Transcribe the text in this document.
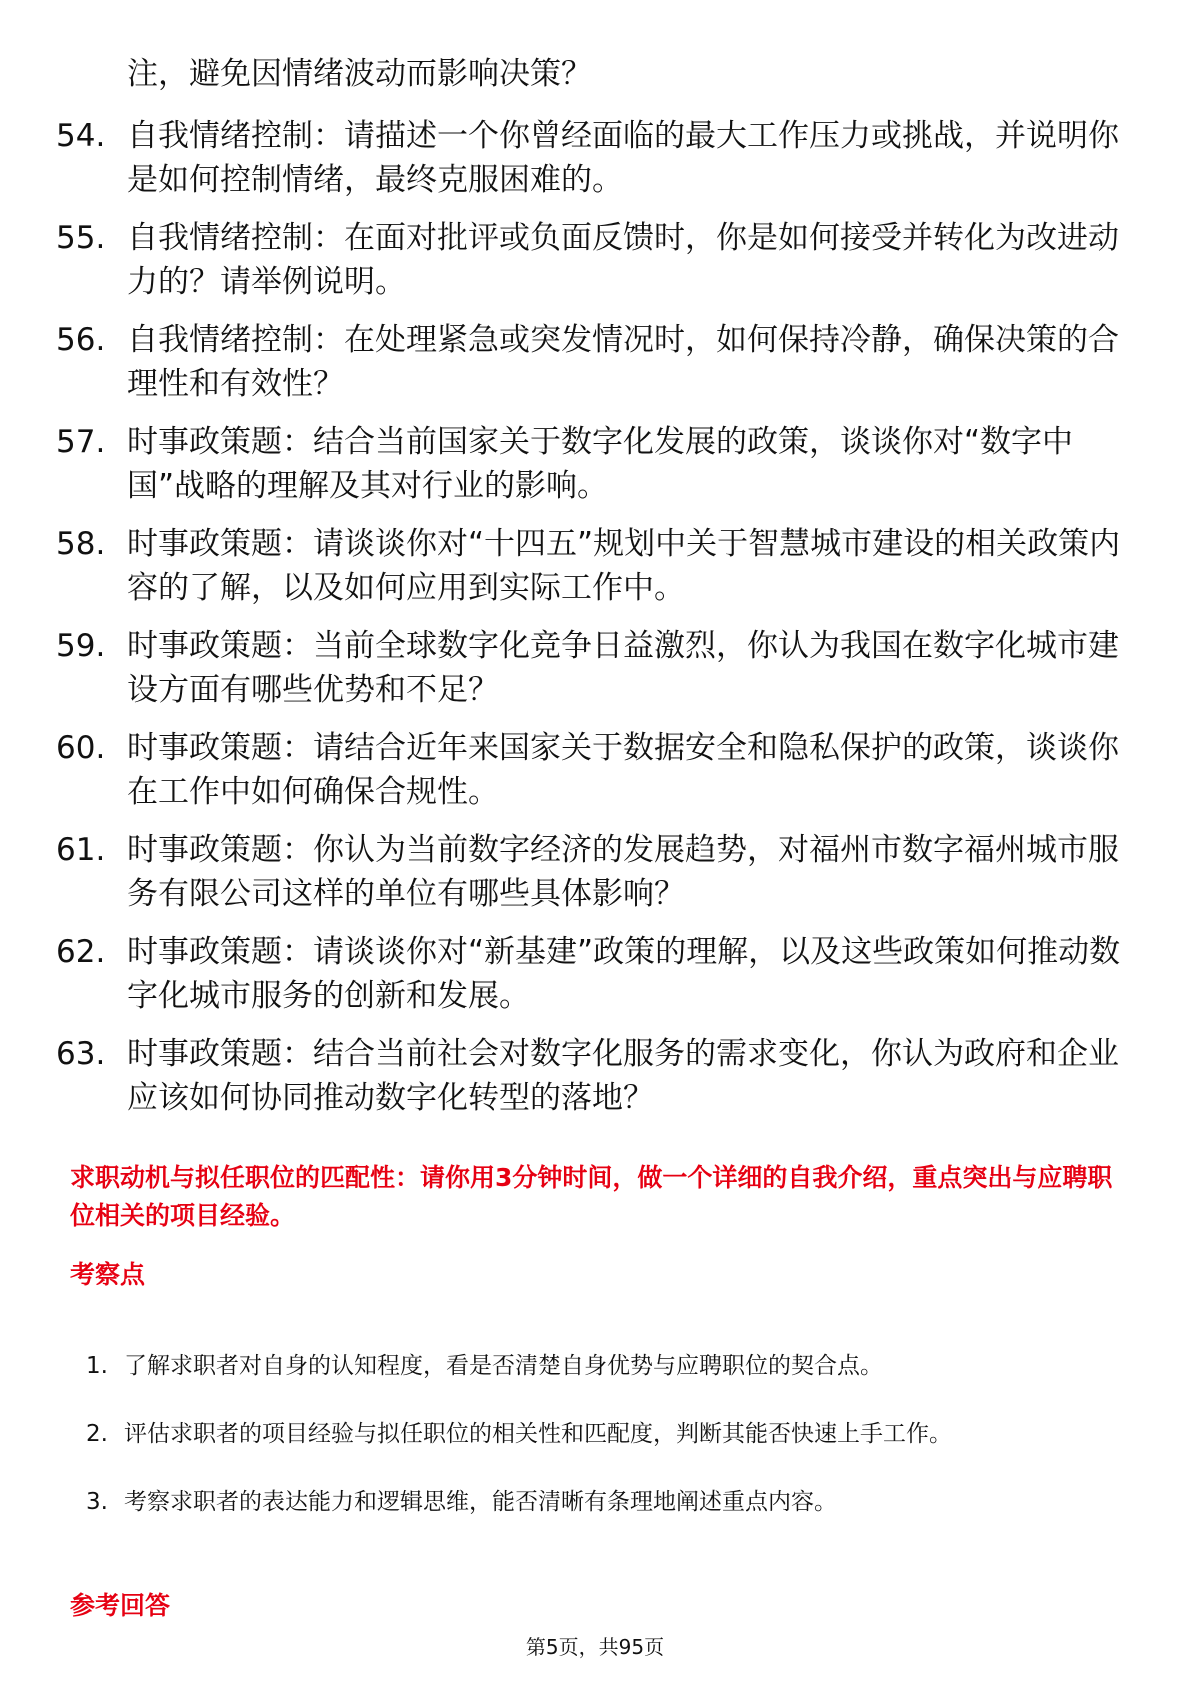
注，避免因情绪波动而影响决策？
54. 自我情绪控制：请描述一个你曾经面临的最大工作压力或挑战，并说明你是如何控制情绪，最终克服困难的。
55. 自我情绪控制：在面对批评或负面反馈时，你是如何接受并转化为改进动力的？请举例说明。
56. 自我情绪控制：在处理紧急或突发情况时，如何保持冷静，确保决策的合理性和有效性？
57. 时事政策题：结合当前国家关于数字化发展的政策，谈谈你对“数字中国”战略的理解及其对行业的影响。
58. 时事政策题：请谈谈你对“十四五”规划中关于智慧城市建设的相关政策内容的了解，以及如何应用到实际工作中。
59. 时事政策题：当前全球数字化竞争日益激烈，你认为我国在数字化城市建设方面有哪些优势和不足？
60. 时事政策题：请结合近年来国家关于数据安全和隐私保护的政策，谈谈你在工作中如何确保合规性。
61. 时事政策题：你认为当前数字经济的发展趋势，对福州市数字福州城市服务有限公司这样的单位有哪些具体影响？
62. 时事政策题：请谈谈你对“新基建”政策的理解，以及这些政策如何推动数字化城市服务的创新和发展。
63. 时事政策题：结合当前社会对数字化服务的需求变化，你认为政府和企业应该如何协同推动数字化转型的落地？
求职动机与拟任职位的匹配性：请你用3分钟时间，做一个详细的自我介绍，重点突出与应聘职位相关的项目经验。
考察点
1. 了解求职者对自身的认知程度，看是否清楚自身优势与应聘职位的契合点。
2. 评估求职者的项目经验与拟任职位的相关性和匹配度，判断其能否快速上手工作。
3. 考察求职者的表达能力和逻辑思维，能否清晰有条理地阐述重点内容。
参考回答
第5页，共95页
